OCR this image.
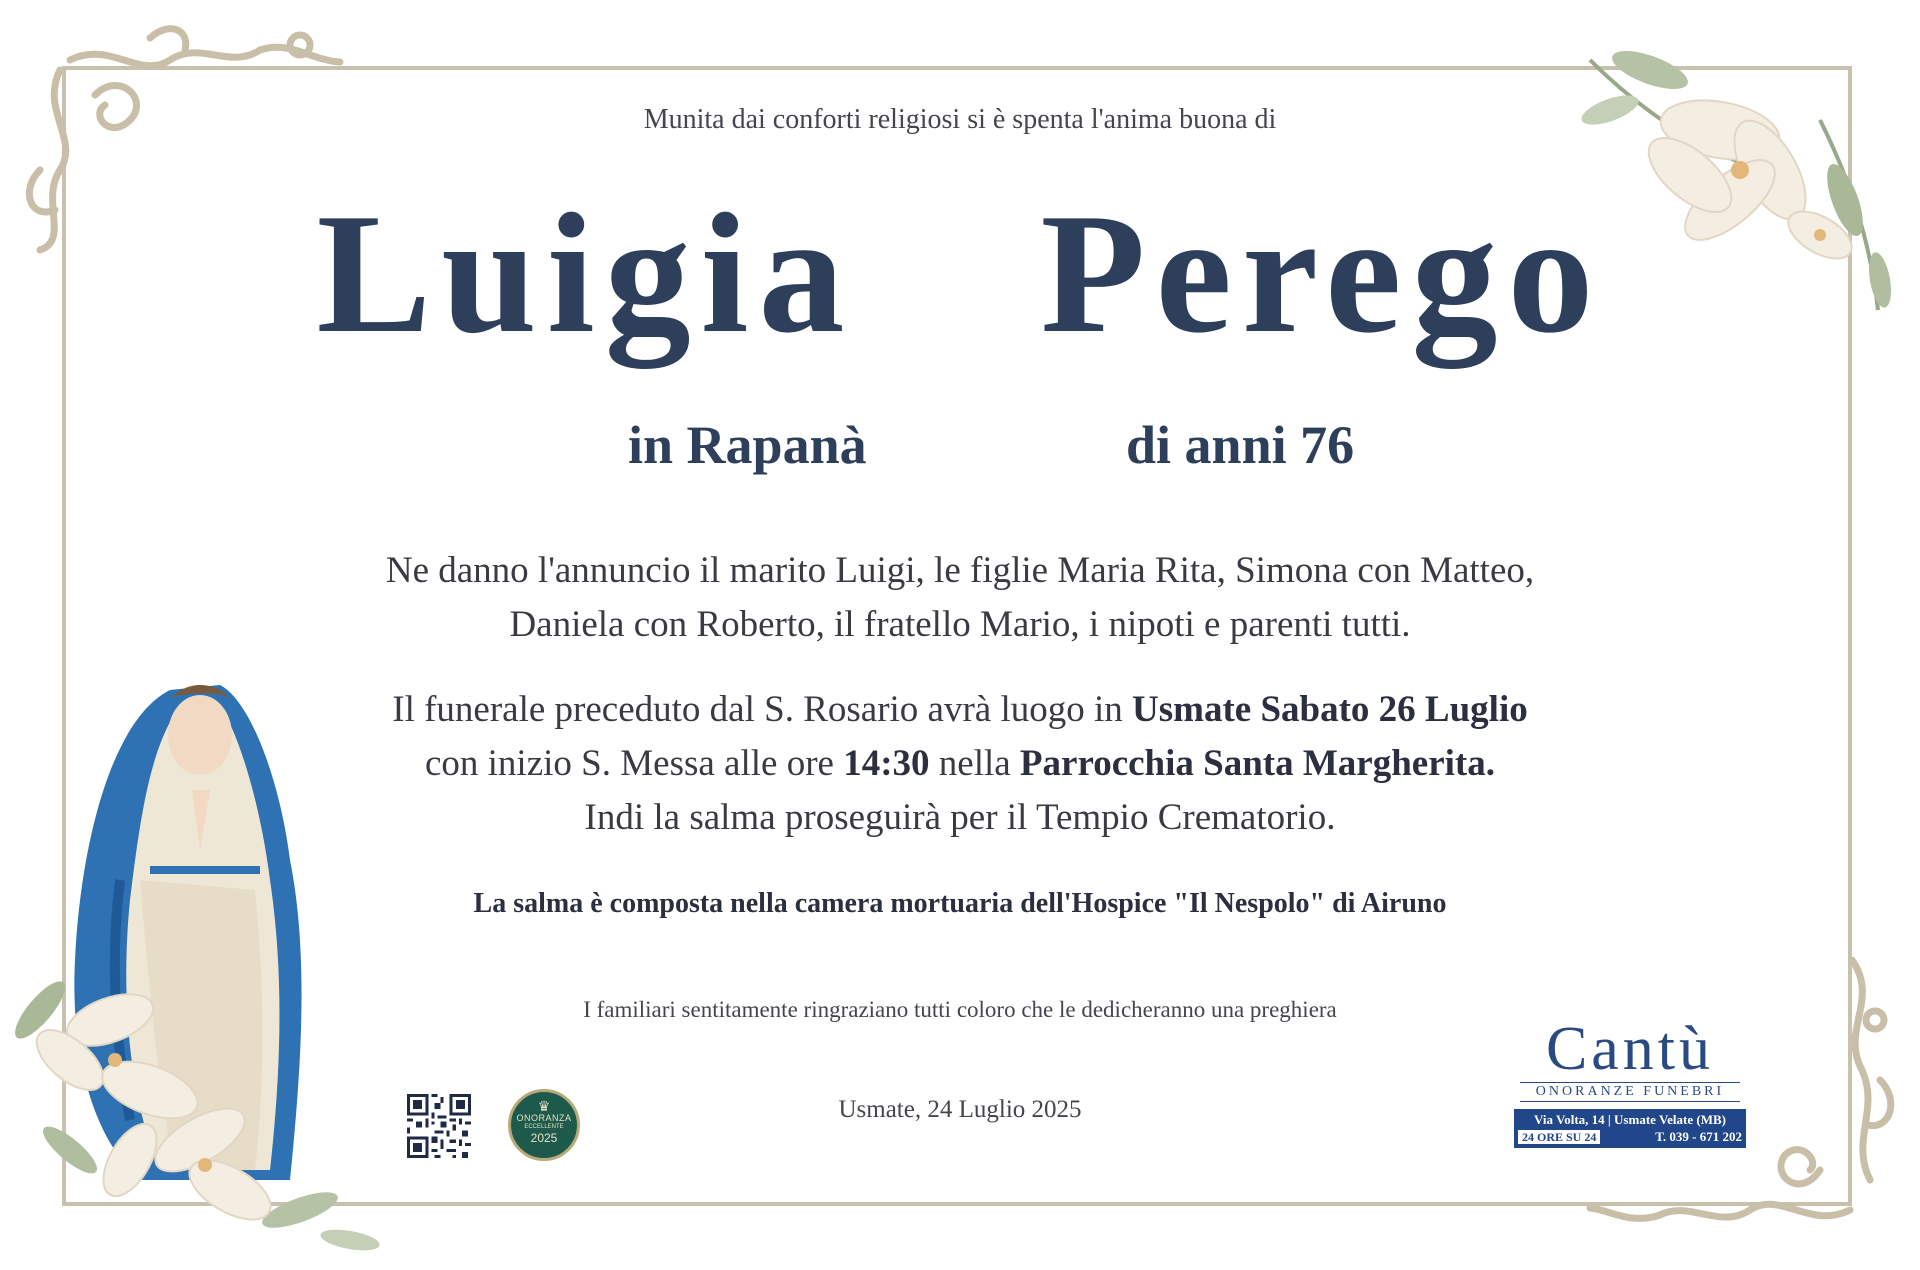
Munita dai conforti religiosi si è spenta l'anima buona di
Luigia  Perego
in Rapanà	di anni 76
Ne danno l'annuncio il marito Luigi, le figlie Maria Rita, Simona con Matteo,
Daniela con Roberto, il fratello Mario, i nipoti e parenti tutti.
Il funerale preceduto dal S. Rosario avrà luogo in Usmate Sabato 26 Luglio
con inizio S. Messa alle ore 14:30 nella Parrocchia Santa Margherita.
Indi la salma proseguirà per il Tempio Crematorio.
La salma è composta nella camera mortuaria dell'Hospice "Il Nespolo" di Airuno
I familiari sentitamente ringraziano tutti coloro che le dedicheranno una preghiera
Usmate, 24 Luglio 2025
♛
ONORANZA
ECCELLENTE
2025
Cantù
ONORANZE FUNEBRI
Via Volta, 14 | Usmate Velate (MB)
24 ORE SU 24	T. 039 - 671 202
